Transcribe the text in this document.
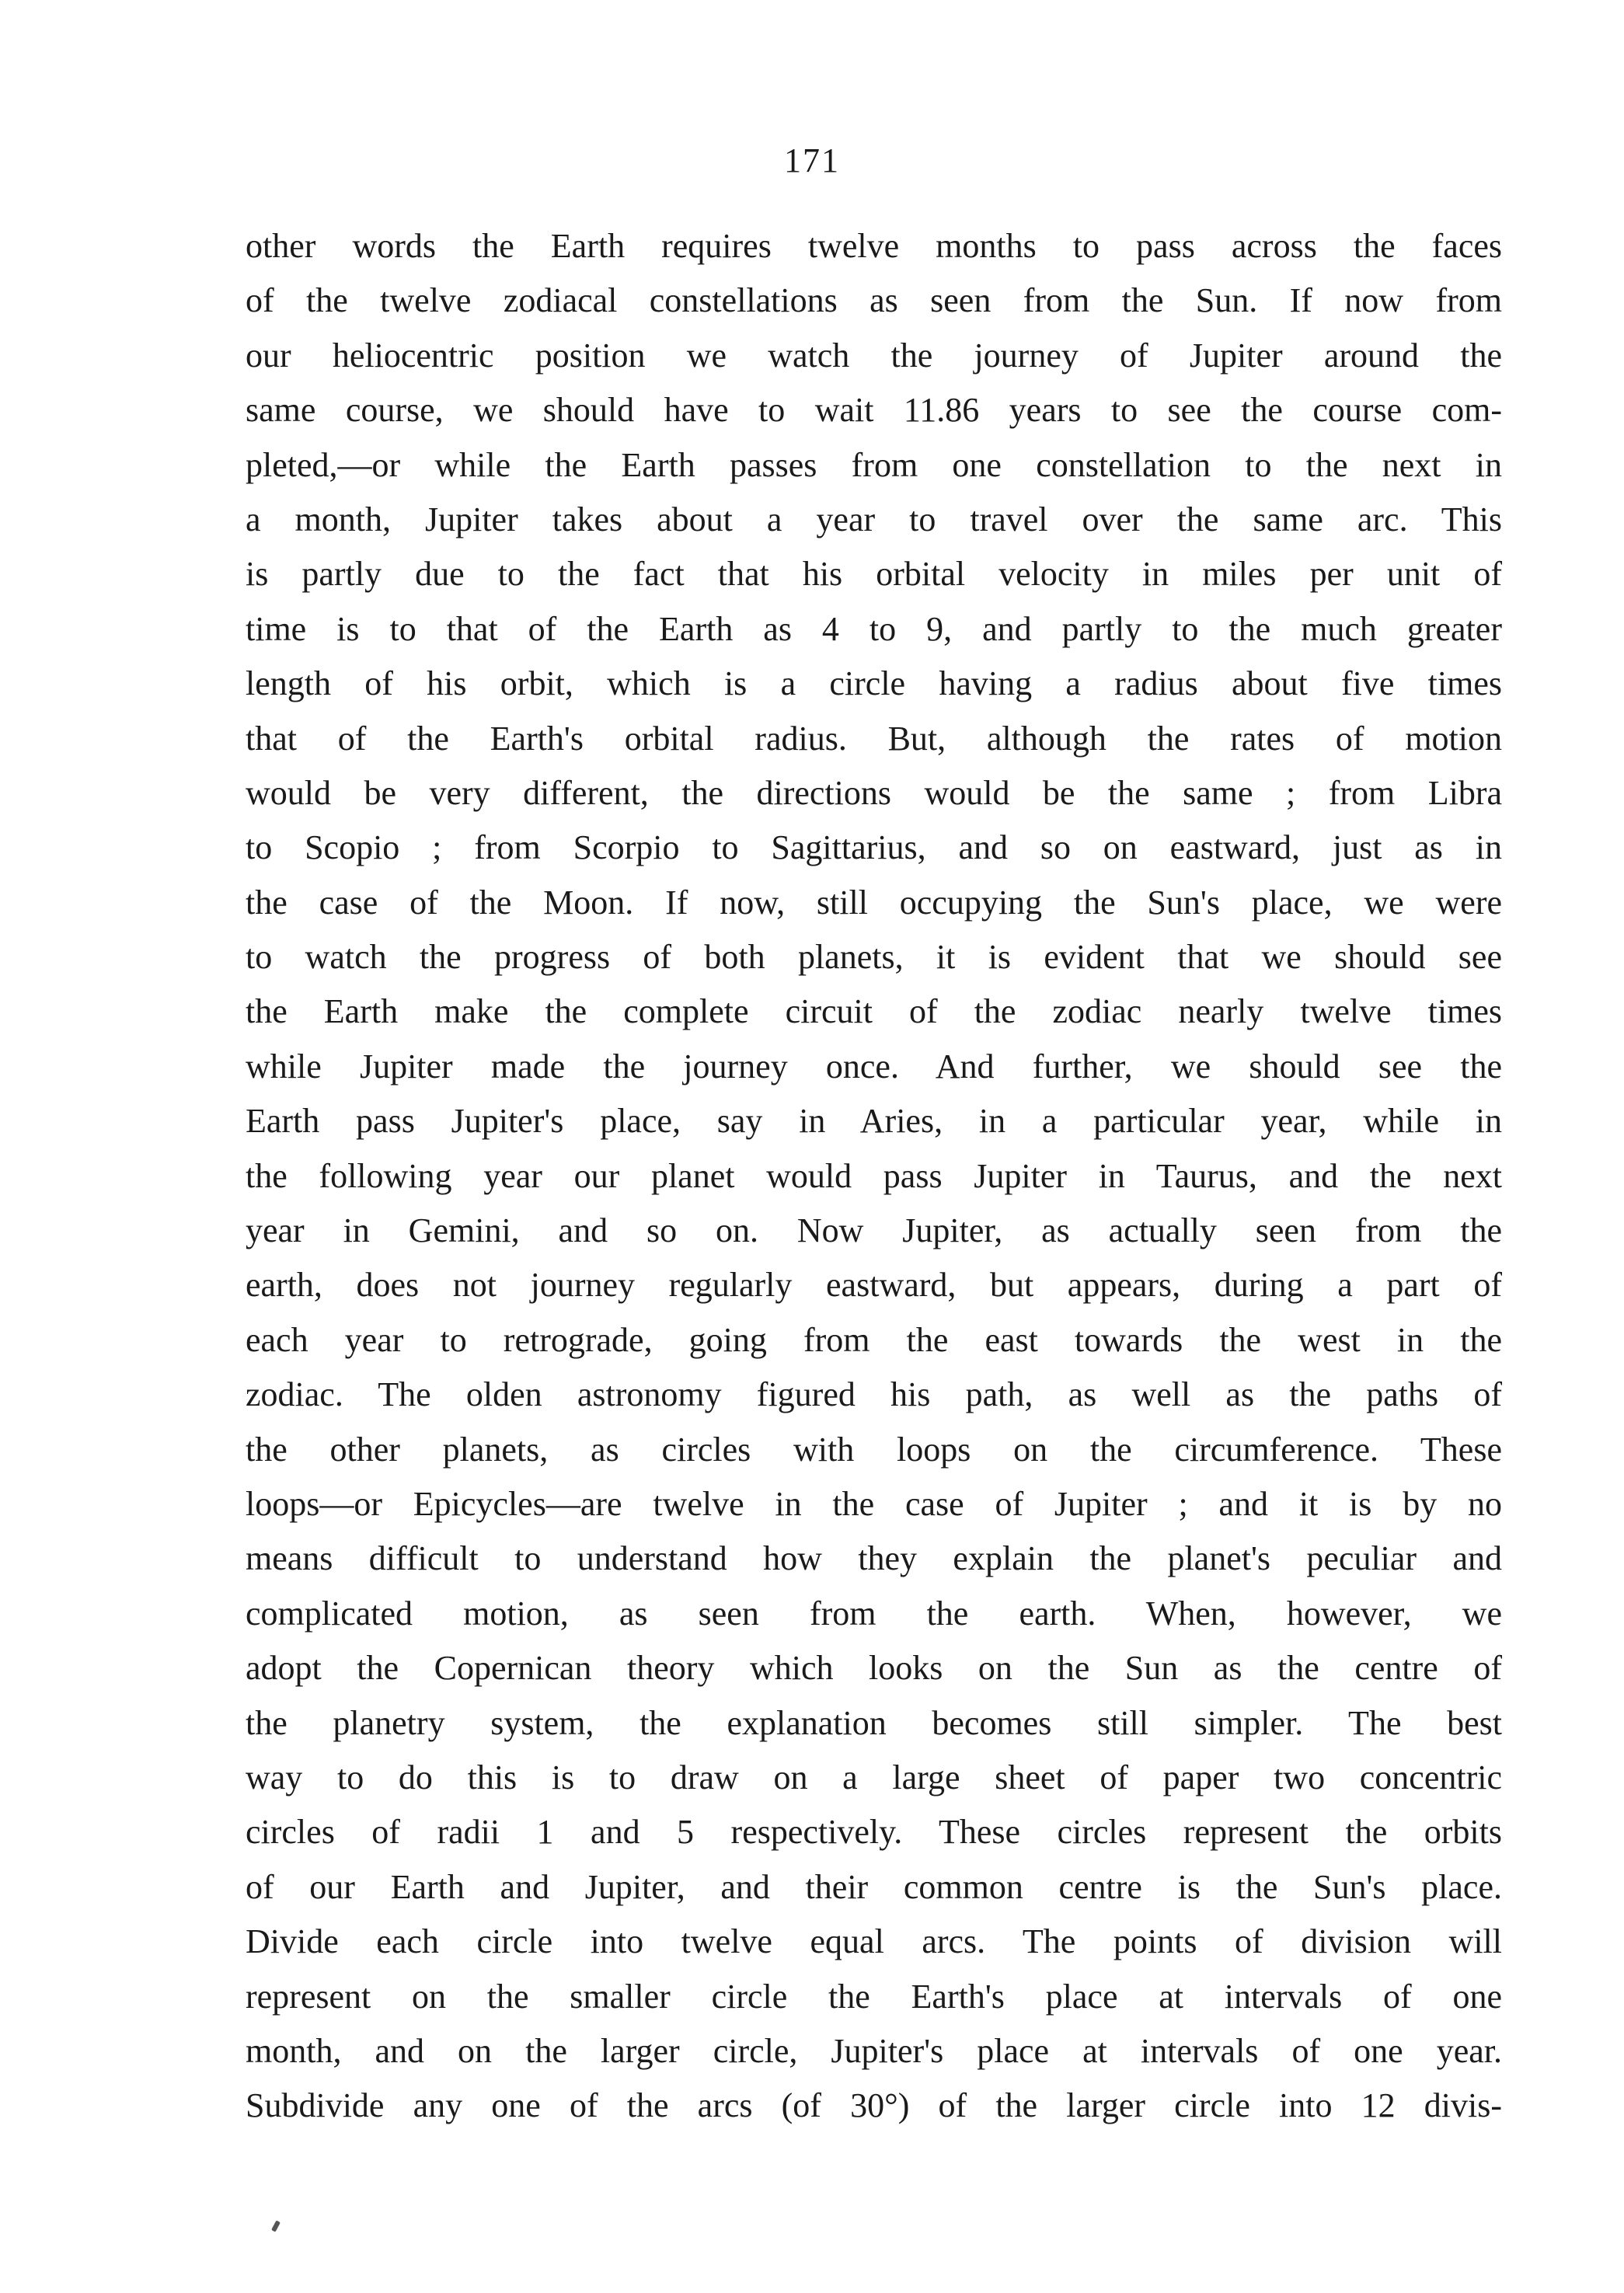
171
other words the Earth requires twelve months to pass across the faces
of the twelve zodiacal constellations as seen from the Sun. If now from
our heliocentric position we watch the journey of Jupiter around the
same course, we should have to wait 11.86 years to see the course com-
pleted,—or while the Earth passes from one constellation to the next in
a month, Jupiter takes about a year to travel over the same arc. This
is partly due to the fact that his orbital velocity in miles per unit of
time is to that of the Earth as 4 to 9, and partly to the much greater
length of his orbit, which is a circle having a radius about five times
that of the Earth's orbital radius. But, although the rates of motion
would be very different, the directions would be the same ; from Libra
to Scopio ; from Scorpio to Sagittarius, and so on eastward, just as in
the case of the Moon. If now, still occupying the Sun's place, we were
to watch the progress of both planets, it is evident that we should see
the Earth make the complete circuit of the zodiac nearly twelve times
while Jupiter made the journey once. And further, we should see the
Earth pass Jupiter's place, say in Aries, in a particular year, while in
the following year our planet would pass Jupiter in Taurus, and the next
year in Gemini, and so on. Now Jupiter, as actually seen from the
earth, does not journey regularly eastward, but appears, during a part of
each year to retrograde, going from the east towards the west in the
zodiac. The olden astronomy figured his path, as well as the paths of
the other planets, as circles with loops on the circumference. These
loops—or Epicycles—are twelve in the case of Jupiter ; and it is by no
means difficult to understand how they explain the planet's peculiar and
complicated motion, as seen from the earth. When, however, we
adopt the Copernican theory which looks on the Sun as the centre of
the planetry system, the explanation becomes still simpler. The best
way to do this is to draw on a large sheet of paper two concentric
circles of radii 1 and 5 respectively. These circles represent the orbits
of our Earth and Jupiter, and their common centre is the Sun's place.
Divide each circle into twelve equal arcs. The points of division will
represent on the smaller circle the Earth's place at intervals of one
month, and on the larger circle, Jupiter's place at intervals of one year.
Subdivide any one of the arcs (of 30°) of the larger circle into 12 divis-
